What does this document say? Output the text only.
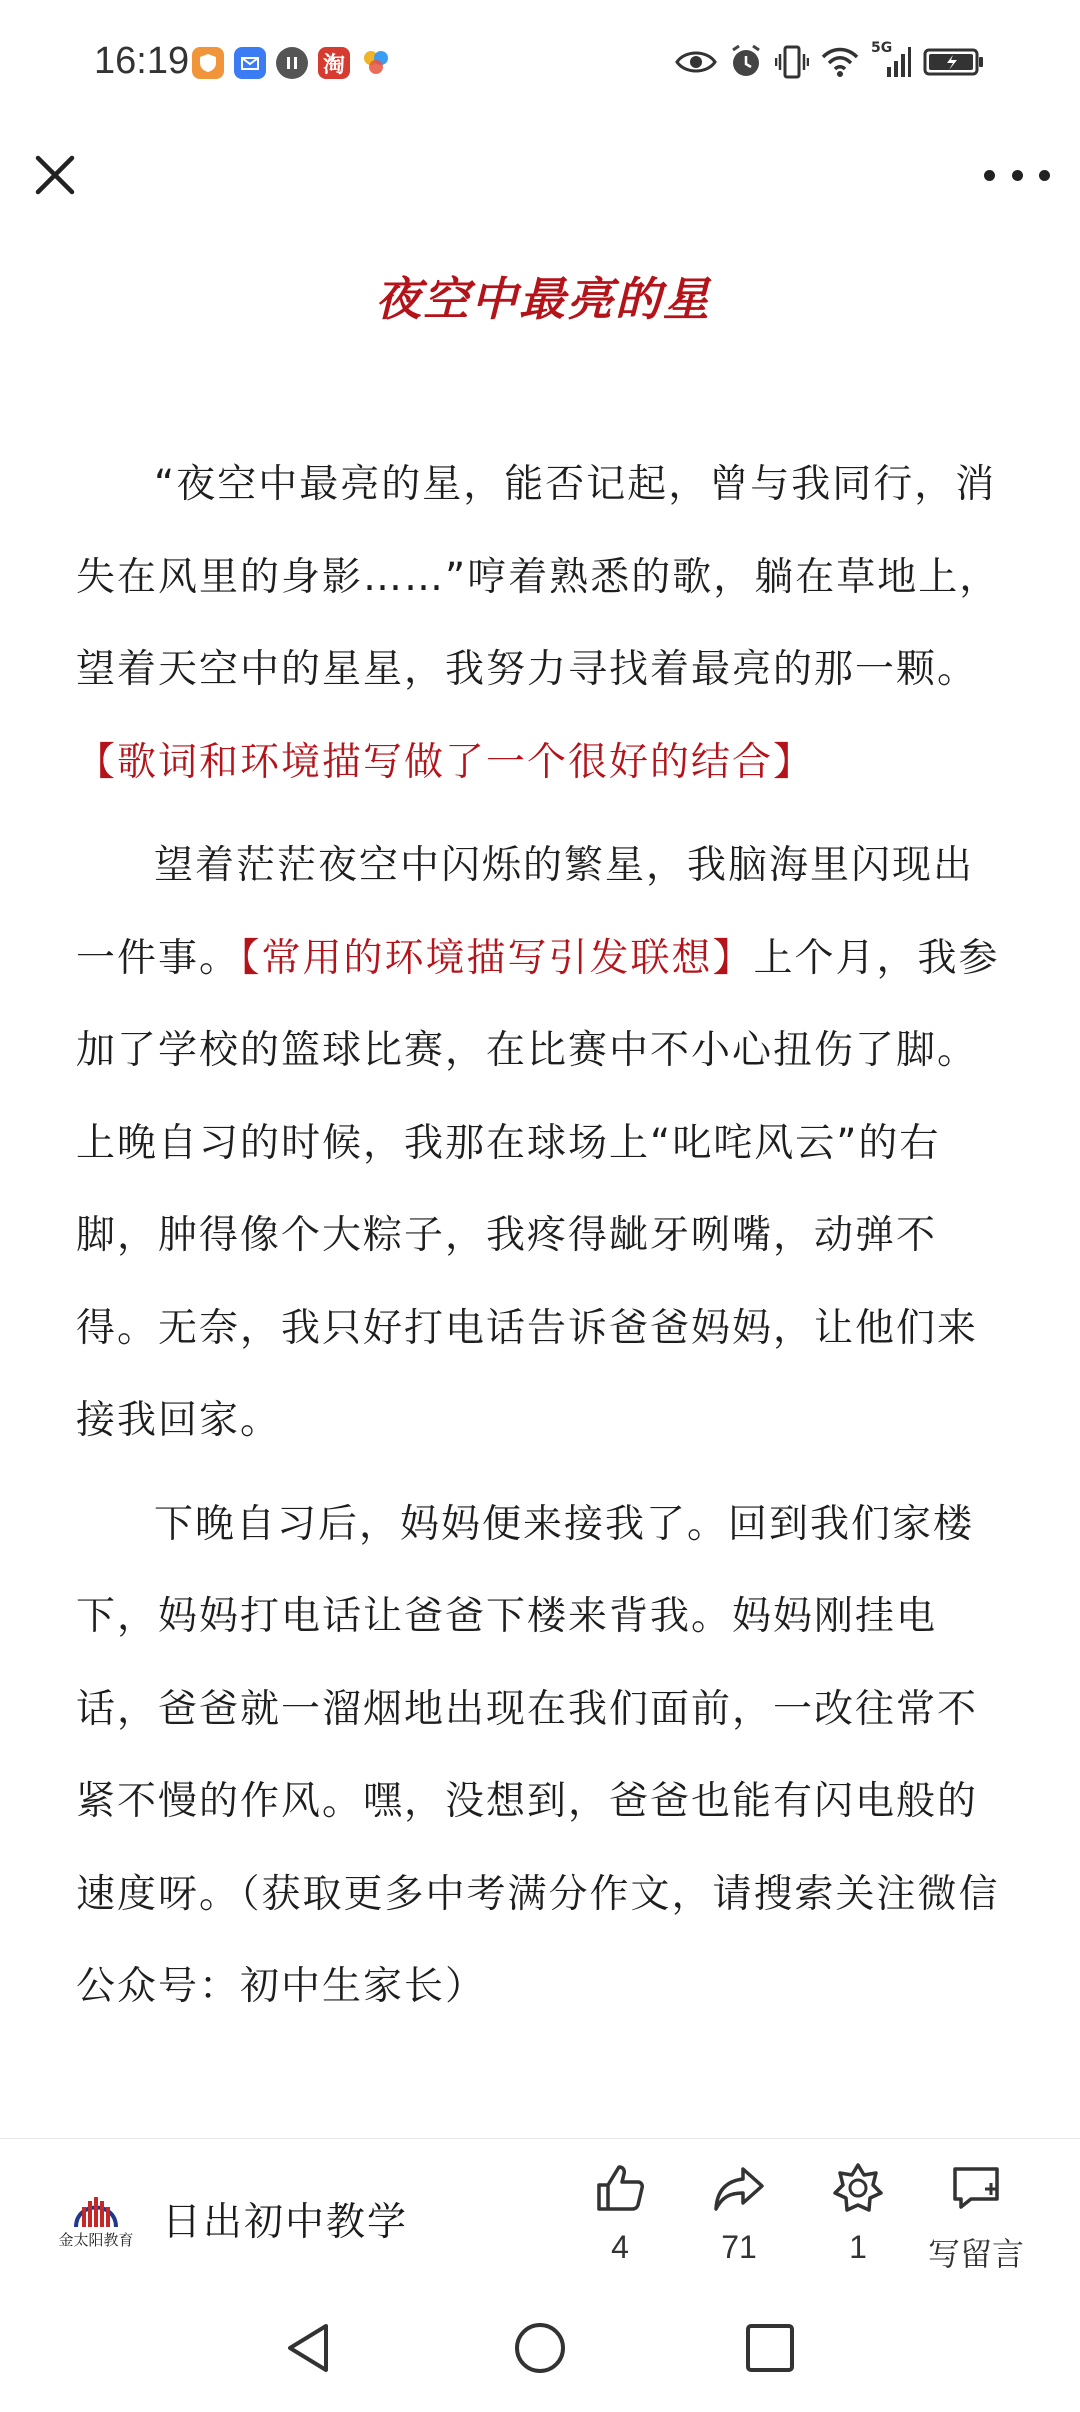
16:19	淘
5G
夜空中最亮的星

“夜空中最亮的星，能否记起，曾与我同行，消失在风里的身影……”哼着熟悉的歌，躺在草地上，望着天空中的星星，我努力寻找着最亮的那一颗。【歌词和环境描写做了一个很好的结合】

望着茫茫夜空中闪烁的繁星，我脑海里闪现出一件事。【常用的环境描写引发联想】上个月，我参加了学校的篮球比赛，在比赛中不小心扭伤了脚。上晚自习的时候，我那在球场上“叱咤风云”的右脚，肿得像个大粽子，我疼得龇牙咧嘴，动弹不得。无奈，我只好打电话告诉爸爸妈妈，让他们来接我回家。

下晚自习后，妈妈便来接我了。回到我们家楼下，妈妈打电话让爸爸下楼来背我。妈妈刚挂电话，爸爸就一溜烟地出现在我们面前，一改往常不紧不慢的作风。嘿，没想到，爸爸也能有闪电般的速度呀。（获取更多中考满分作文，请搜索关注微信公众号：初中生家长）

金太阳教育 日出初中教学
4	71	1	写留言
